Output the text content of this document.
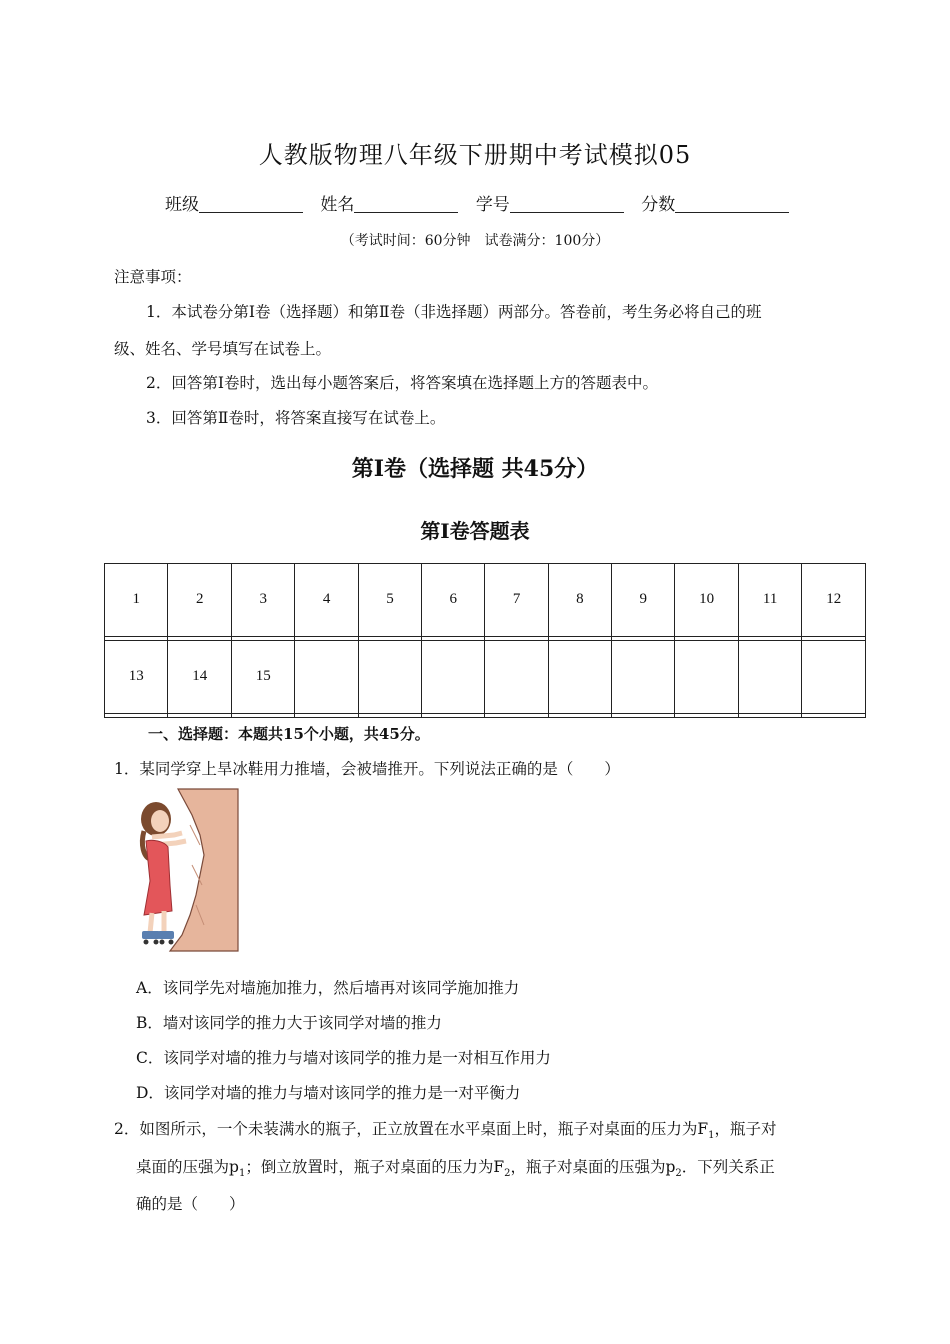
人教版物理八年级下册期中考试模拟05
班级	姓名	学号	分数
（考试时间：60分钟　试卷满分：100分）
注意事项：
1．本试卷分第Ⅰ卷（选择题）和第Ⅱ卷（非选择题）两部分。答卷前，考生务必将自己的班
级、姓名、学号填写在试卷上。
2．回答第Ⅰ卷时，选出每小题答案后，将答案填在选择题上方的答题表中。
3．回答第Ⅱ卷时，将答案直接写在试卷上。
第Ⅰ卷（选择题 共45分）
第Ⅰ卷答题表
1	2	3	4	5	6	7	8	9	10	11	12

13	14	15									

一、选择题：本题共15个小题，共45分。
1．某同学穿上旱冰鞋用力推墙，会被墙推开。下列说法正确的是（　　）
A．该同学先对墙施加推力，然后墙再对该同学施加推力
B．墙对该同学的推力大于该同学对墙的推力
C．该同学对墙的推力与墙对该同学的推力是一对相互作用力
D．该同学对墙的推力与墙对该同学的推力是一对平衡力
2．如图所示，一个未装满水的瓶子，正立放置在水平桌面上时，瓶子对桌面的压力为$F_1$，瓶子对
桌面的压强为$p_1$；倒立放置时，瓶子对桌面的压力为$F_2$，瓶子对桌面的压强为$p_2$．下列关系正
确的是（　　）
